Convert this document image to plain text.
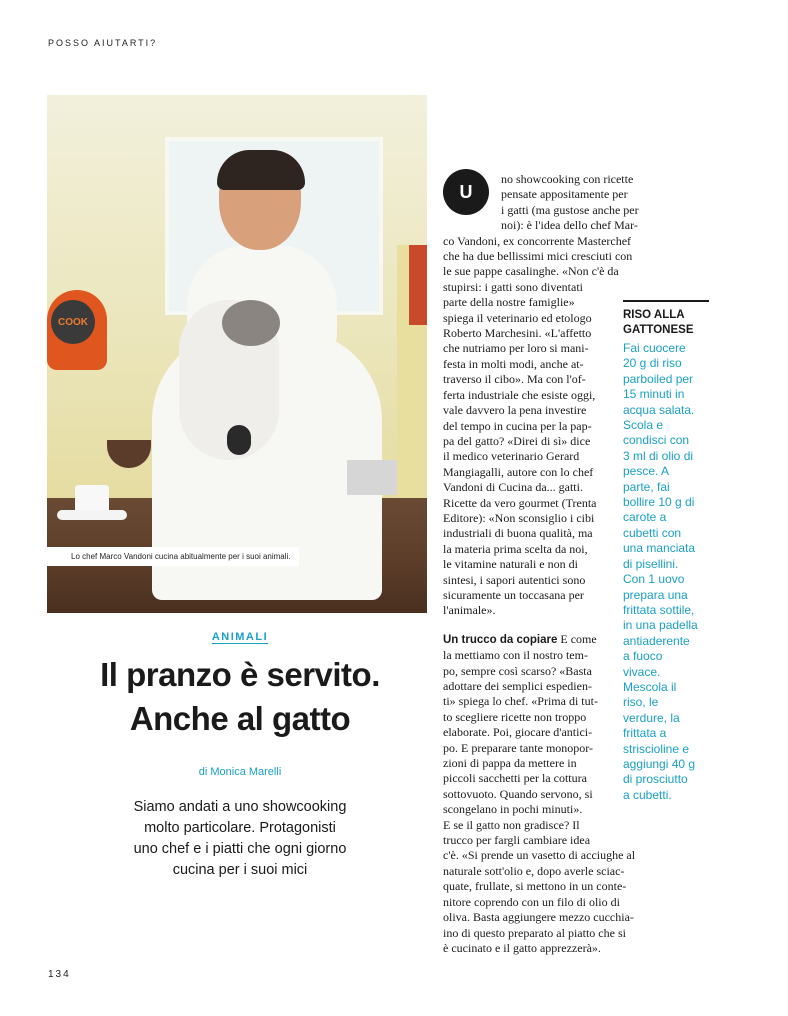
POSSO AIUTARTI?
COOK
Lo chef Marco Vandoni cucina abitualmente per i suoi animali.
ANIMALI
Il pranzo è servito.
Anche al gatto
di Monica Marelli
Siamo andati a uno showcooking
molto particolare. Protagonisti
uno chef e i piatti che ogni giorno
cucina per i suoi mici
134
U
no showcooking con ricette
pensate appositamente per
i gatti (ma gustose anche per
noi): è l'idea dello chef Mar-
co Vandoni, ex concorrente Masterchef
che ha due bellissimi mici cresciuti con
le sue pappe casalinghe. «Non c'è da
stupirsi: i gatti sono diventati
parte della nostre famiglie»
spiega il veterinario ed etologo
Roberto Marchesini. «L'affetto
che nutriamo per loro si mani-
festa in molti modi, anche at-
traverso il cibo». Ma con l'of-
ferta industriale che esiste oggi,
vale davvero la pena investire
del tempo in cucina per la pap-
pa del gatto? «Direi di sì» dice
il medico veterinario Gerard
Mangiagalli, autore con lo chef
Vandoni di Cucina da... gatti.
Ricette da vero gourmet (Trenta
Editore): «Non sconsiglio i cibi
industriali di buona qualità, ma
la materia prima scelta da noi,
le vitamine naturali e non di
sintesi, i sapori autentici sono
sicuramente un toccasana per
l'animale».
Un trucco da copiare E come
la mettiamo con il nostro tem-
po, sempre così scarso? «Basta
adottare dei semplici espedien-
ti» spiega lo chef. «Prima di tut-
to scegliere ricette non troppo
elaborate. Poi, giocare d'antici-
po. E preparare tante monopor-
zioni di pappa da mettere in
piccoli sacchetti per la cottura
sottovuoto. Quando servono, si
scongelano in pochi minuti».
E se il gatto non gradisce? Il
trucco per fargli cambiare idea
c'è. «Si prende un vasetto di acciughe al
naturale sott'olio e, dopo averle sciac-
quate, frullate, si mettono in un conte-
nitore coprendo con un filo di olio di
oliva. Basta aggiungere mezzo cucchia-
ino di questo preparato al piatto che si
è cucinato e il gatto apprezzerà».
RISO ALLA
GATTONESE
Fai cuocere
20 g di riso
parboiled per
15 minuti in
acqua salata.
Scola e
condisci con
3 ml di olio di
pesce. A
parte, fai
bollire 10 g di
carote a
cubetti con
una manciata
di pisellini.
Con 1 uovo
prepara una
frittata sottile,
in una padella
antiaderente
a fuoco
vivace.
Mescola il
riso, le
verdure, la
frittata a
striscioline e
aggiungi 40 g
di prosciutto
a cubetti.
